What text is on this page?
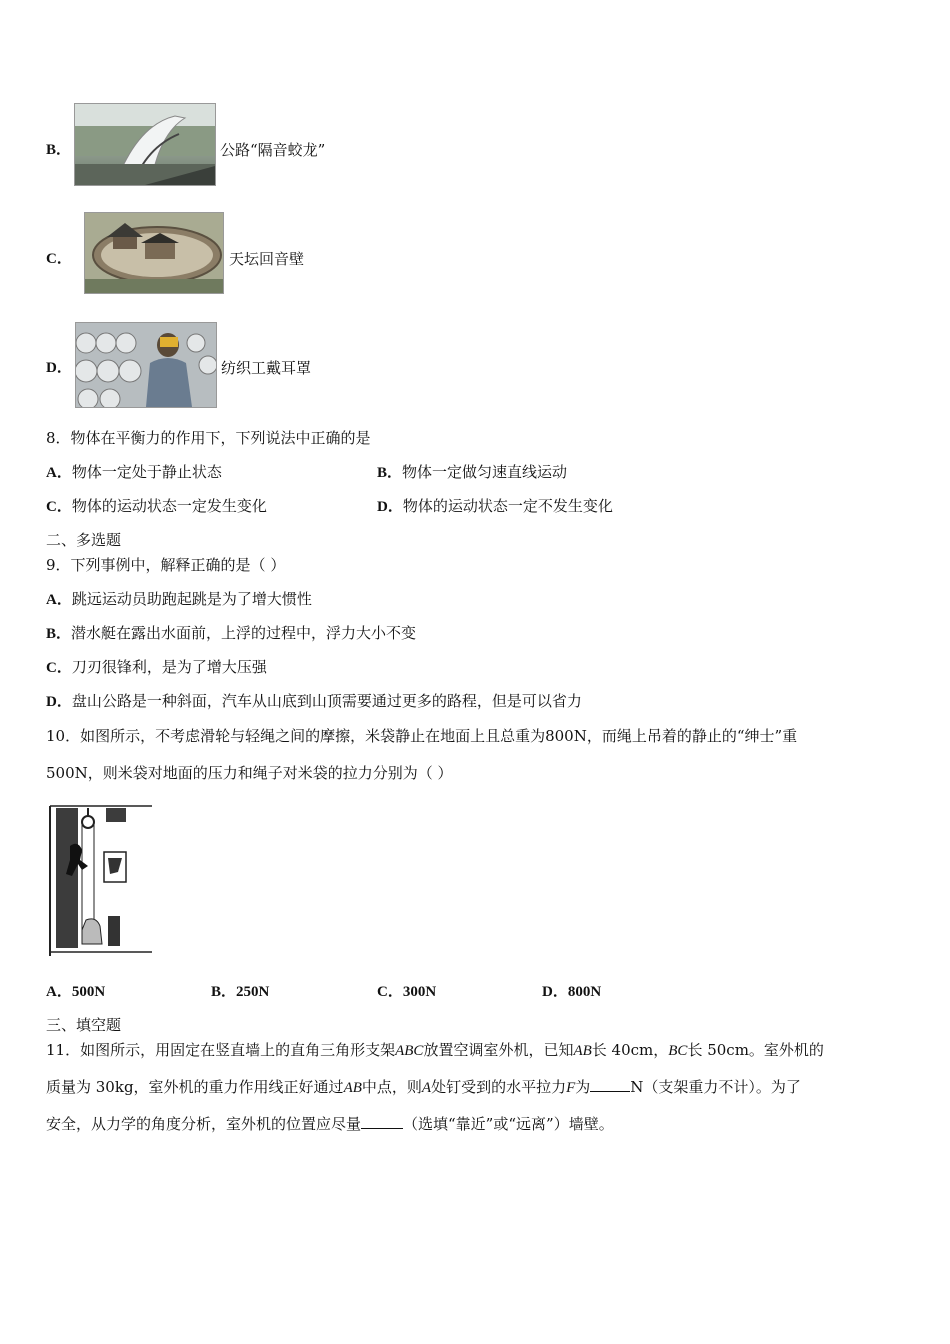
B．	公路“隔音蛟龙”
C．	天坛回音壁
D．	纺织工戴耳罩
8．物体在平衡力的作用下，下列说法中正确的是
A．物体一定处于静止状态	B．物体一定做匀速直线运动
C．物体的运动状态一定发生变化	D．物体的运动状态一定不发生变化
二、多选题
9．下列事例中，解释正确的是（ ）
A．跳远运动员助跑起跳是为了增大惯性
B．潜水艇在露出水面前，上浮的过程中，浮力大小不变
C．刀刃很锋利，是为了增大压强
D．盘山公路是一种斜面，汽车从山底到山顶需要通过更多的路程，但是可以省力
10．如图所示，不考虑滑轮与轻绳之间的摩擦，米袋静止在地面上且总重为800N，而绳上吊着的静止的“绅士”重
500N，则米袋对地面的压力和绳子对米袋的拉力分别为（ ）
A．500N	B．250N	C．300N	D．800N
三、填空题
11．如图所示，用固定在竖直墙上的直角三角形支架ABC放置空调室外机，已知AB长 40cm，BC长 50cm。室外机的
质量为 30kg，室外机的重力作用线正好通过AB中点，则A处钉受到的水平拉力F为	N（支架重力不计）。为了
安全，从力学的角度分析，室外机的位置应尽量	（选填“靠近”或“远离”）墙壁。
